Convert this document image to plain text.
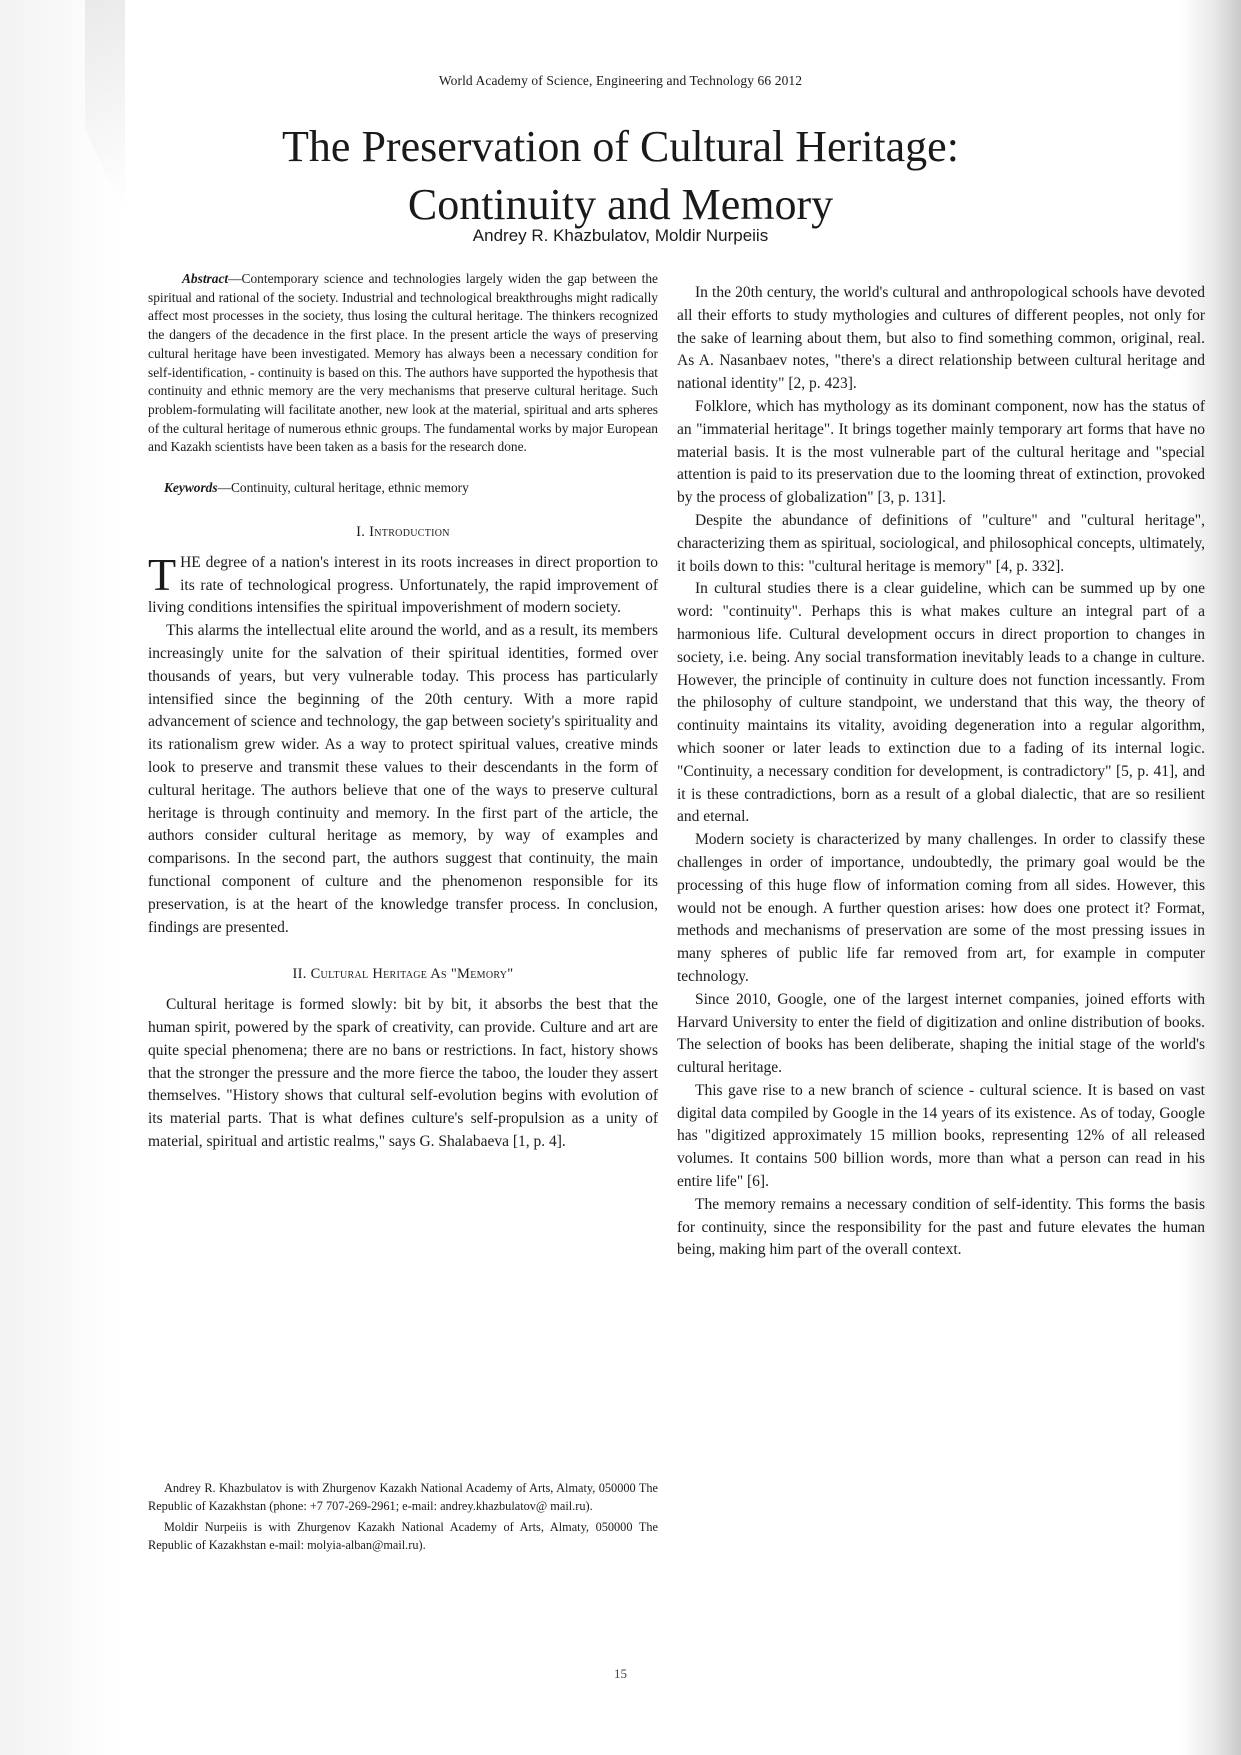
World Academy of Science, Engineering and Technology 66 2012
The Preservation of Cultural Heritage:
Continuity and Memory
Andrey R. Khazbulatov, Moldir Nurpeiis

Abstract—Contemporary science and technologies largely widen the gap between the spiritual and rational of the society. Industrial and technological breakthroughs might radically affect most processes in the society, thus losing the cultural heritage. The thinkers recognized the dangers of the decadence in the first place. In the present article the ways of preserving cultural heritage have been investigated. Memory has always been a necessary condition for self-identification, - continuity is based on this. The authors have supported the hypothesis that continuity and ethnic memory are the very mechanisms that preserve cultural heritage. Such problem-formulating will facilitate another, new look at the material, spiritual and arts spheres of the cultural heritage of numerous ethnic groups. The fundamental works by major European and Kazakh scientists have been taken as a basis for the research done.

Keywords—Continuity, cultural heritage, ethnic memory

I. Introduction

THE degree of a nation's interest in its roots increases in direct proportion to its rate of technological progress. Unfortunately, the rapid improvement of living conditions intensifies the spiritual impoverishment of modern society.

This alarms the intellectual elite around the world, and as a result, its members increasingly unite for the salvation of their spiritual identities, formed over thousands of years, but very vulnerable today. This process has particularly intensified since the beginning of the 20th century. With a more rapid advancement of science and technology, the gap between society's spirituality and its rationalism grew wider. As a way to protect spiritual values, creative minds look to preserve and transmit these values to their descendants in the form of cultural heritage. The authors believe that one of the ways to preserve cultural heritage is through continuity and memory. In the first part of the article, the authors consider cultural heritage as memory, by way of examples and comparisons. In the second part, the authors suggest that continuity, the main functional component of culture and the phenomenon responsible for its preservation, is at the heart of the knowledge transfer process. In conclusion, findings are presented.

II. Cultural Heritage As "Memory"

Cultural heritage is formed slowly: bit by bit, it absorbs the best that the human spirit, powered by the spark of creativity, can provide. Culture and art are quite special phenomena; there are no bans or restrictions. In fact, history shows that the stronger the pressure and the more fierce the taboo, the louder they assert themselves. "History shows that cultural self-evolution begins with evolution of its material parts. That is what defines culture's self-propulsion as a unity of material, spiritual and artistic realms," says G. Shalabaeva [1, p. 4].

In the 20th century, the world's cultural and anthropological schools have devoted all their efforts to study mythologies and cultures of different peoples, not only for the sake of learning about them, but also to find something common, original, real. As A. Nasanbaev notes, "there's a direct relationship between cultural heritage and national identity" [2, p. 423].

Folklore, which has mythology as its dominant component, now has the status of an "immaterial heritage". It brings together mainly temporary art forms that have no material basis. It is the most vulnerable part of the cultural heritage and "special attention is paid to its preservation due to the looming threat of extinction, provoked by the process of globalization" [3, p. 131].

Despite the abundance of definitions of "culture" and "cultural heritage", characterizing them as spiritual, sociological, and philosophical concepts, ultimately, it boils down to this: "cultural heritage is memory" [4, p. 332].

In cultural studies there is a clear guideline, which can be summed up by one word: "continuity". Perhaps this is what makes culture an integral part of a harmonious life. Cultural development occurs in direct proportion to changes in society, i.e. being. Any social transformation inevitably leads to a change in culture. However, the principle of continuity in culture does not function incessantly. From the philosophy of culture standpoint, we understand that this way, the theory of continuity maintains its vitality, avoiding degeneration into a regular algorithm, which sooner or later leads to extinction due to a fading of its internal logic. "Continuity, a necessary condition for development, is contradictory" [5, p. 41], and it is these contradictions, born as a result of a global dialectic, that are so resilient and eternal.

Modern society is characterized by many challenges. In order to classify these challenges in order of importance, undoubtedly, the primary goal would be the processing of this huge flow of information coming from all sides. However, this would not be enough. A further question arises: how does one protect it? Format, methods and mechanisms of preservation are some of the most pressing issues in many spheres of public life far removed from art, for example in computer technology.

Since 2010, Google, one of the largest internet companies, joined efforts with Harvard University to enter the field of digitization and online distribution of books. The selection of books has been deliberate, shaping the initial stage of the world's cultural heritage.

This gave rise to a new branch of science - cultural science. It is based on vast digital data compiled by Google in the 14 years of its existence. As of today, Google has "digitized approximately 15 million books, representing 12% of all released volumes. It contains 500 billion words, more than what a person can read in his entire life" [6].

The memory remains a necessary condition of self-identity. This forms the basis for continuity, since the responsibility for the past and future elevates the human being, making him part of the overall context.

Andrey R. Khazbulatov is with Zhurgenov Kazakh National Academy of Arts, Almaty, 050000 The Republic of Kazakhstan (phone: +7 707-269-2961; e-mail: andrey.khazbulatov@ mail.ru).

Moldir Nurpeiis is with Zhurgenov Kazakh National Academy of Arts, Almaty, 050000 The Republic of Kazakhstan e-mail: molyia-alban@mail.ru).

15
